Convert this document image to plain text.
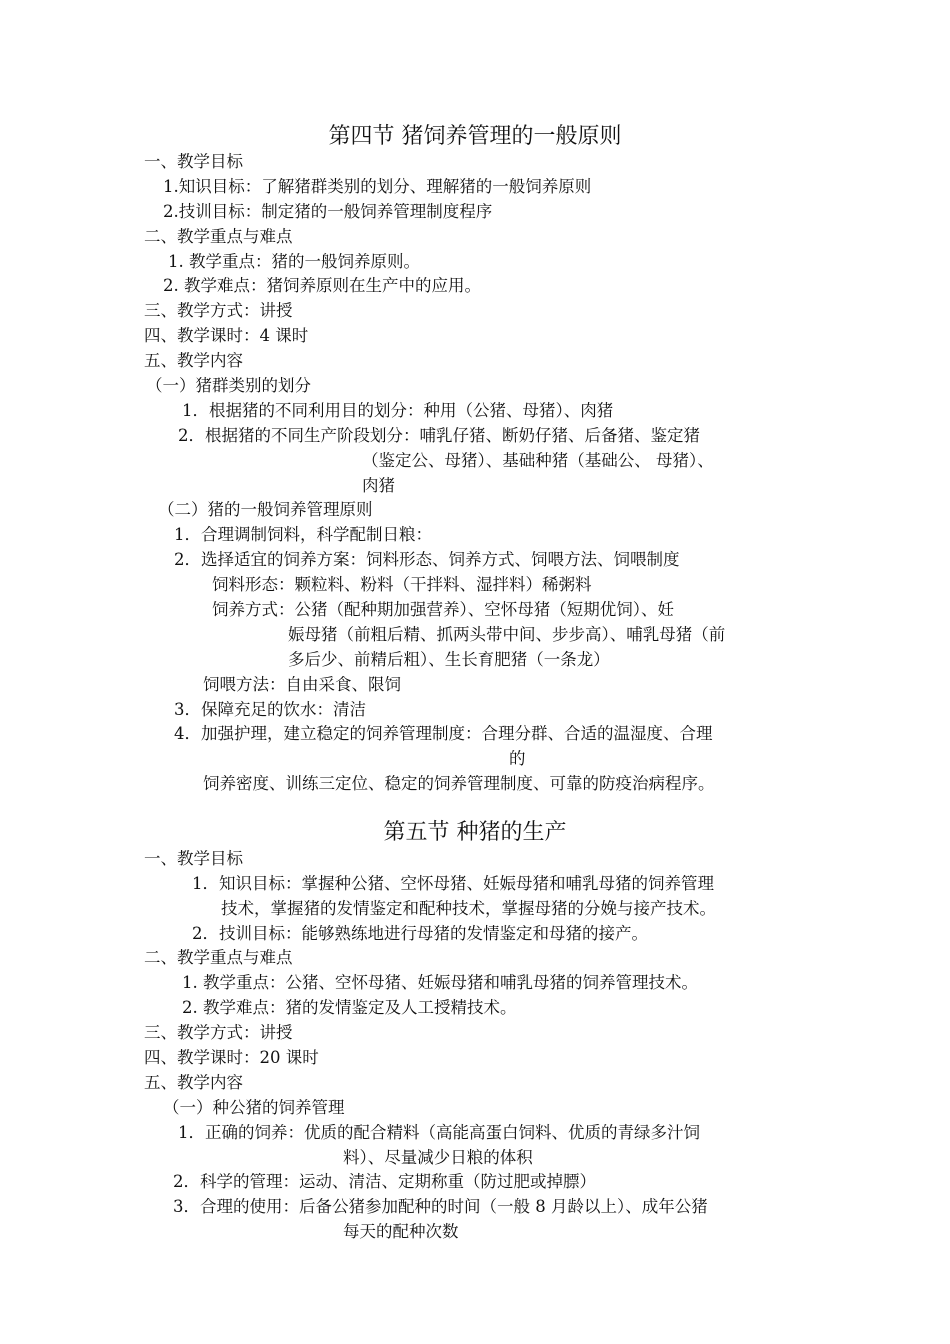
第四节 猪饲养管理的一般原则
一、教学目标
1.知识目标：了解猪群类别的划分、理解猪的一般饲养原则
2.技训目标：制定猪的一般饲养管理制度程序
二、教学重点与难点
1. 教学重点：猪的一般饲养原则。
2. 教学难点：猪饲养原则在生产中的应用。
三、教学方式：讲授
四、教学课时：4 课时
五、教学内容
（一）猪群类别的划分
1．根据猪的不同利用目的划分：种用（公猪、母猪）、肉猪
2．根据猪的不同生产阶段划分：哺乳仔猪、断奶仔猪、后备猪、鉴定猪
（鉴定公、母猪）、基础种猪（基础公、 母猪）、
肉猪
（二）猪的一般饲养管理原则
1．合理调制饲料，科学配制日粮：
2．选择适宜的饲养方案：饲料形态、饲养方式、饲喂方法、饲喂制度
饲料形态：颗粒料、粉料（干拌料、湿拌料）稀粥料
饲养方式：公猪（配种期加强营养）、空怀母猪（短期优饲）、妊
娠母猪（前粗后精、抓两头带中间、步步高）、哺乳母猪（前
多后少、前精后粗）、生长育肥猪（一条龙）
饲喂方法：自由采食、限饲
3．保障充足的饮水：清洁
4．加强护理，建立稳定的饲养管理制度：合理分群、合适的温湿度、合理
的
饲养密度、训练三定位、稳定的饲养管理制度、可靠的防疫治病程序。
第五节 种猪的生产
一、教学目标
1．知识目标：掌握种公猪、空怀母猪、妊娠母猪和哺乳母猪的饲养管理
技术，掌握猪的发情鉴定和配种技术，掌握母猪的分娩与接产技术。
2．技训目标：能够熟练地进行母猪的发情鉴定和母猪的接产。
二、教学重点与难点
1. 教学重点：公猪、空怀母猪、妊娠母猪和哺乳母猪的饲养管理技术。
2. 教学难点：猪的发情鉴定及人工授精技术。
三、教学方式：讲授
四、教学课时：20 课时
五、教学内容
（一）种公猪的饲养管理
1．正确的饲养：优质的配合精料（高能高蛋白饲料、优质的青绿多汁饲
料）、尽量减少日粮的体积
2．科学的管理：运动、清洁、定期称重（防过肥或掉膘）
3．合理的使用：后备公猪参加配种的时间（一般 8 月龄以上）、成年公猪
每天的配种次数
